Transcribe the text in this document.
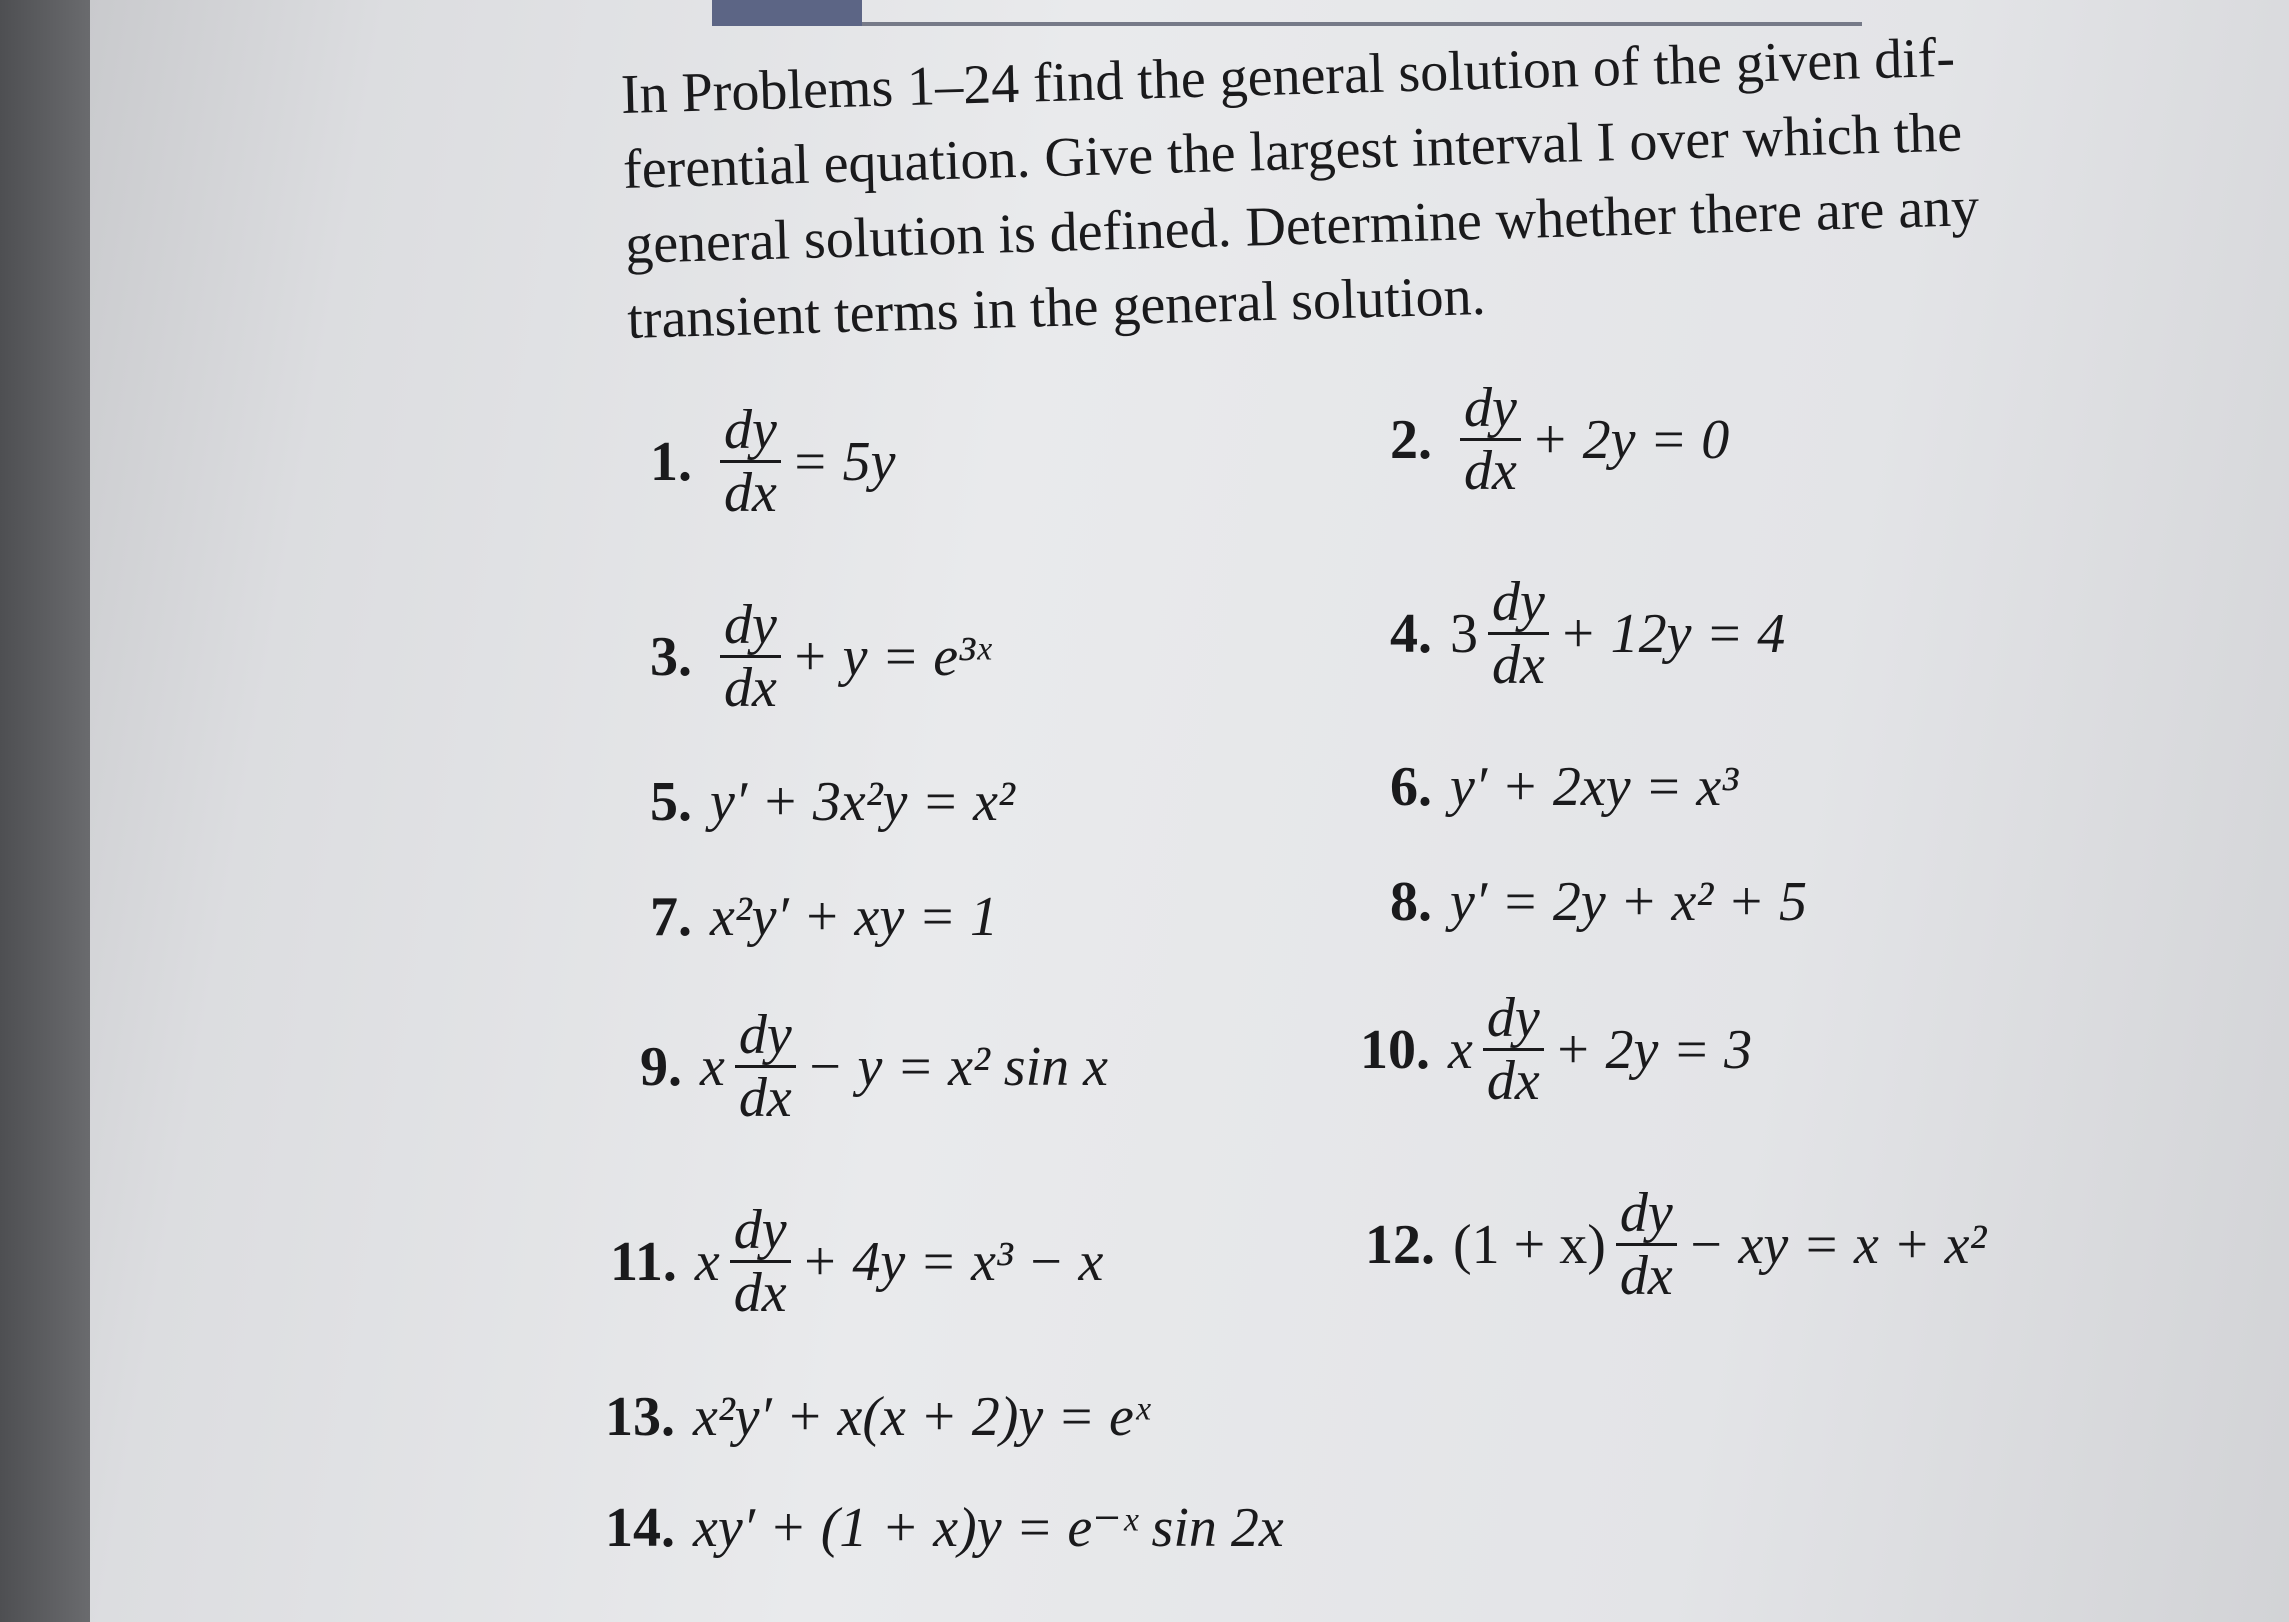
In Problems 1–24 find the general solution of the given dif-
ferential equation. Give the largest interval I over which the
general solution is defined. Determine whether there are any
transient terms in the general solution.
1. $\frac{dy}{dx} = 5y$	2. $\frac{dy}{dx} + 2y = 0$
3. $\frac{dy}{dx} + y$ = e³ˣ	4. $3 \frac{dy}{dx} + 12y = 4$
5. y′ + 3x²y = x²	6. y′ + 2xy = x³
7. x²y′ + xy = 1	8. y′ = 2y + x² + 5
9. x $\frac{dy}{dx} - y = x^2$ sin x	10. x $\frac{dy}{dx} + 2y = 3$
11. x $\frac{dy}{dx} + 4y = x^3 - x$	12. $(1 + x) \frac{dy}{dx}$ − xy = x + x²
13. x²y′ + x(x + 2)y = eˣ
14. xy′ + (1 + x)y = e⁻ˣ sin 2x
